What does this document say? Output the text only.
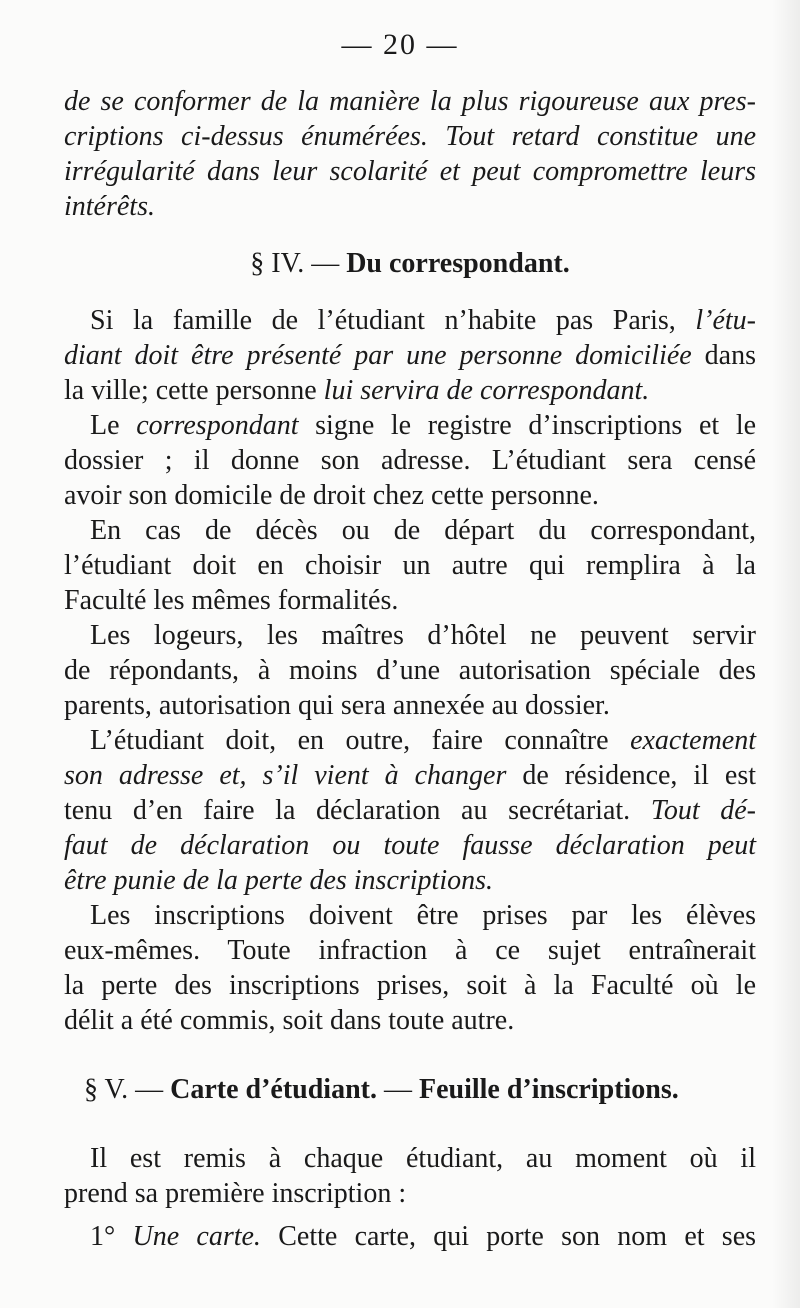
— 20 —

de se conformer de la manière la plus rigoureuse aux pres-
criptions ci-dessus énumérées. Tout retard constitue une
irrégularité dans leur scolarité et peut compromettre leurs
intérêts.

§ IV. — Du correspondant.

Si la famille de l’étudiant n’habite pas Paris, l’étu-
diant doit être présenté par une personne domiciliée dans
la ville; cette personne lui servira de correspondant.

Le correspondant signe le registre d’inscriptions et le
dossier ; il donne son adresse. L’étudiant sera censé
avoir son domicile de droit chez cette personne.

En cas de décès ou de départ du correspondant,
l’étudiant doit en choisir un autre qui remplira à la
Faculté les mêmes formalités.

Les logeurs, les maîtres d’hôtel ne peuvent servir
de répondants, à moins d’une autorisation spéciale des
parents, autorisation qui sera annexée au dossier.

L’étudiant doit, en outre, faire connaître exactement
son adresse et, s’il vient à changer de résidence, il est
tenu d’en faire la déclaration au secrétariat. Tout dé-
faut de déclaration ou toute fausse déclaration peut
être punie de la perte des inscriptions.

Les inscriptions doivent être prises par les élèves
eux-mêmes. Toute infraction à ce sujet entraînerait
la perte des inscriptions prises, soit à la Faculté où le
délit a été commis, soit dans toute autre.

§ V. — Carte d’étudiant. — Feuille d’inscriptions.

Il est remis à chaque étudiant, au moment où il
prend sa première inscription :

1° Une carte. Cette carte, qui porte son nom et ses
